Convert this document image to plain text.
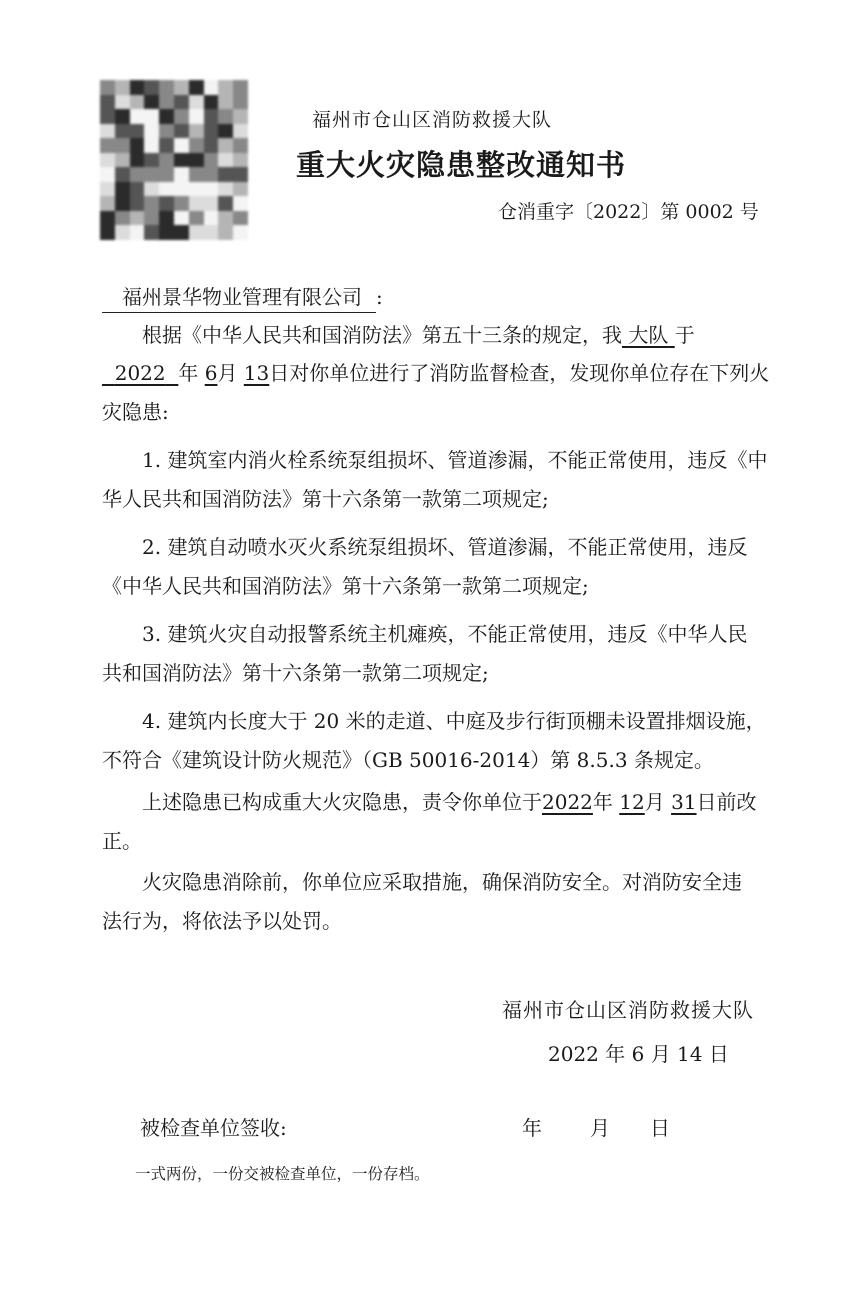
福州市仓山区消防救援大队
重大火灾隐患整改通知书
仓消重字〔2022〕第 0002 号
福州景华物业管理有限公司 :
根据《中华人民共和国消防法》第五十三条的规定，我 大队 于
2022 年 6月 13日对你单位进行了消防监督检查，发现你单位存在下列火
灾隐患:
1. 建筑室内消火栓系统泵组损坏、管道渗漏，不能正常使用，违反《中
华人民共和国消防法》第十六条第一款第二项规定;
2. 建筑自动喷水灭火系统泵组损坏、管道渗漏，不能正常使用，违反
《中华人民共和国消防法》第十六条第一款第二项规定;
3. 建筑火灾自动报警系统主机瘫痪，不能正常使用，违反《中华人民
共和国消防法》第十六条第一款第二项规定;
4. 建筑内长度大于 20 米的走道、中庭及步行街顶棚未设置排烟设施，
不符合《建筑设计防火规范》（GB 50016-2014）第 8.5.3 条规定。
上述隐患已构成重大火灾隐患，责令你单位于2022年 12月 31日前改
正。
火灾隐患消除前，你单位应采取措施，确保消防安全。对消防安全违
法行为，将依法予以处罚。
福州市仓山区消防救援大队
2022 年 6 月 14 日
被检查单位签收:	年 月 日
一式两份，一份交被检查单位，一份存档。
